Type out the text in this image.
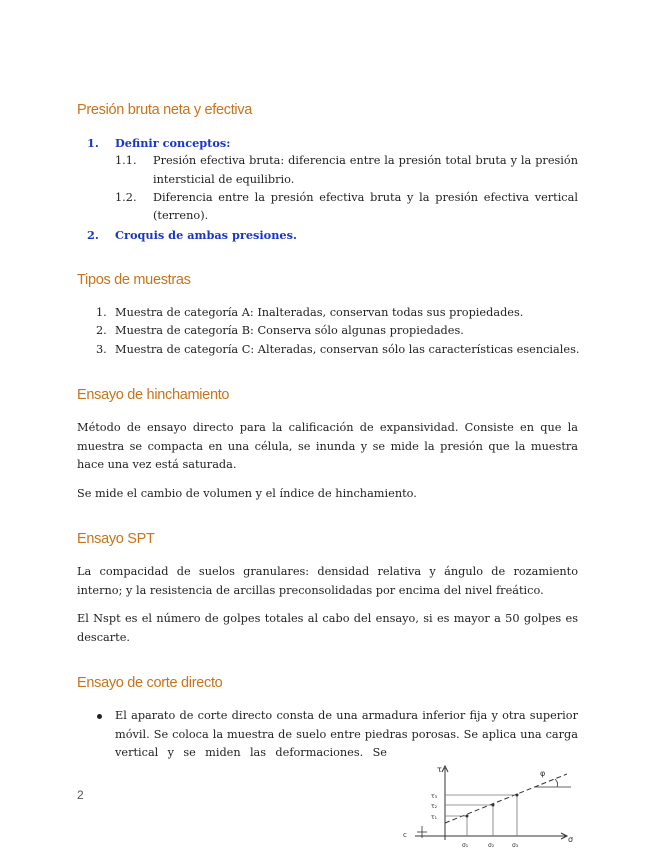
Presión bruta neta y efectiva
1. Definir conceptos:
1.1. Presión efectiva bruta: diferencia entre la presión total bruta y la presión
intersticial de equilibrio.
1.2. Diferencia entre la presión efectiva bruta y la presión efectiva vertical
(terreno).
2. Croquis de ambas presiones.
Tipos de muestras
1. Muestra de categoría A: Inalteradas, conservan todas sus propiedades.
2. Muestra de categoría B: Conserva sólo algunas propiedades.
3. Muestra de categoría C: Alteradas, conservan sólo las características esenciales.
Ensayo de hinchamiento

Método de ensayo directo para la calificación de expansividad. Consiste en que la muestra se compacta en una célula, se inunda y se mide la presión que la muestra hace una vez está saturada.

Se mide el cambio de volumen y el índice de hinchamiento.

Ensayo SPT

La compacidad de suelos granulares: densidad relativa y ángulo de rozamiento interno; y la resistencia de arcillas preconsolidadas por encima del nivel freático.

El Nspt es el número de golpes totales al cabo del ensayo, si es mayor a 50 golpes es descarte.

Ensayo de corte directo
El aparato de corte directo consta de una armadura inferior fija y otra superior
móvil. Se coloca la muestra de suelo entre piedras porosas. Se aplica una carga
vertical y se miden las deformaciones. Se
2
τ
σ
φ
c
τ₃
τ₂
τ₁
σ₁	σ₂	σ₃
